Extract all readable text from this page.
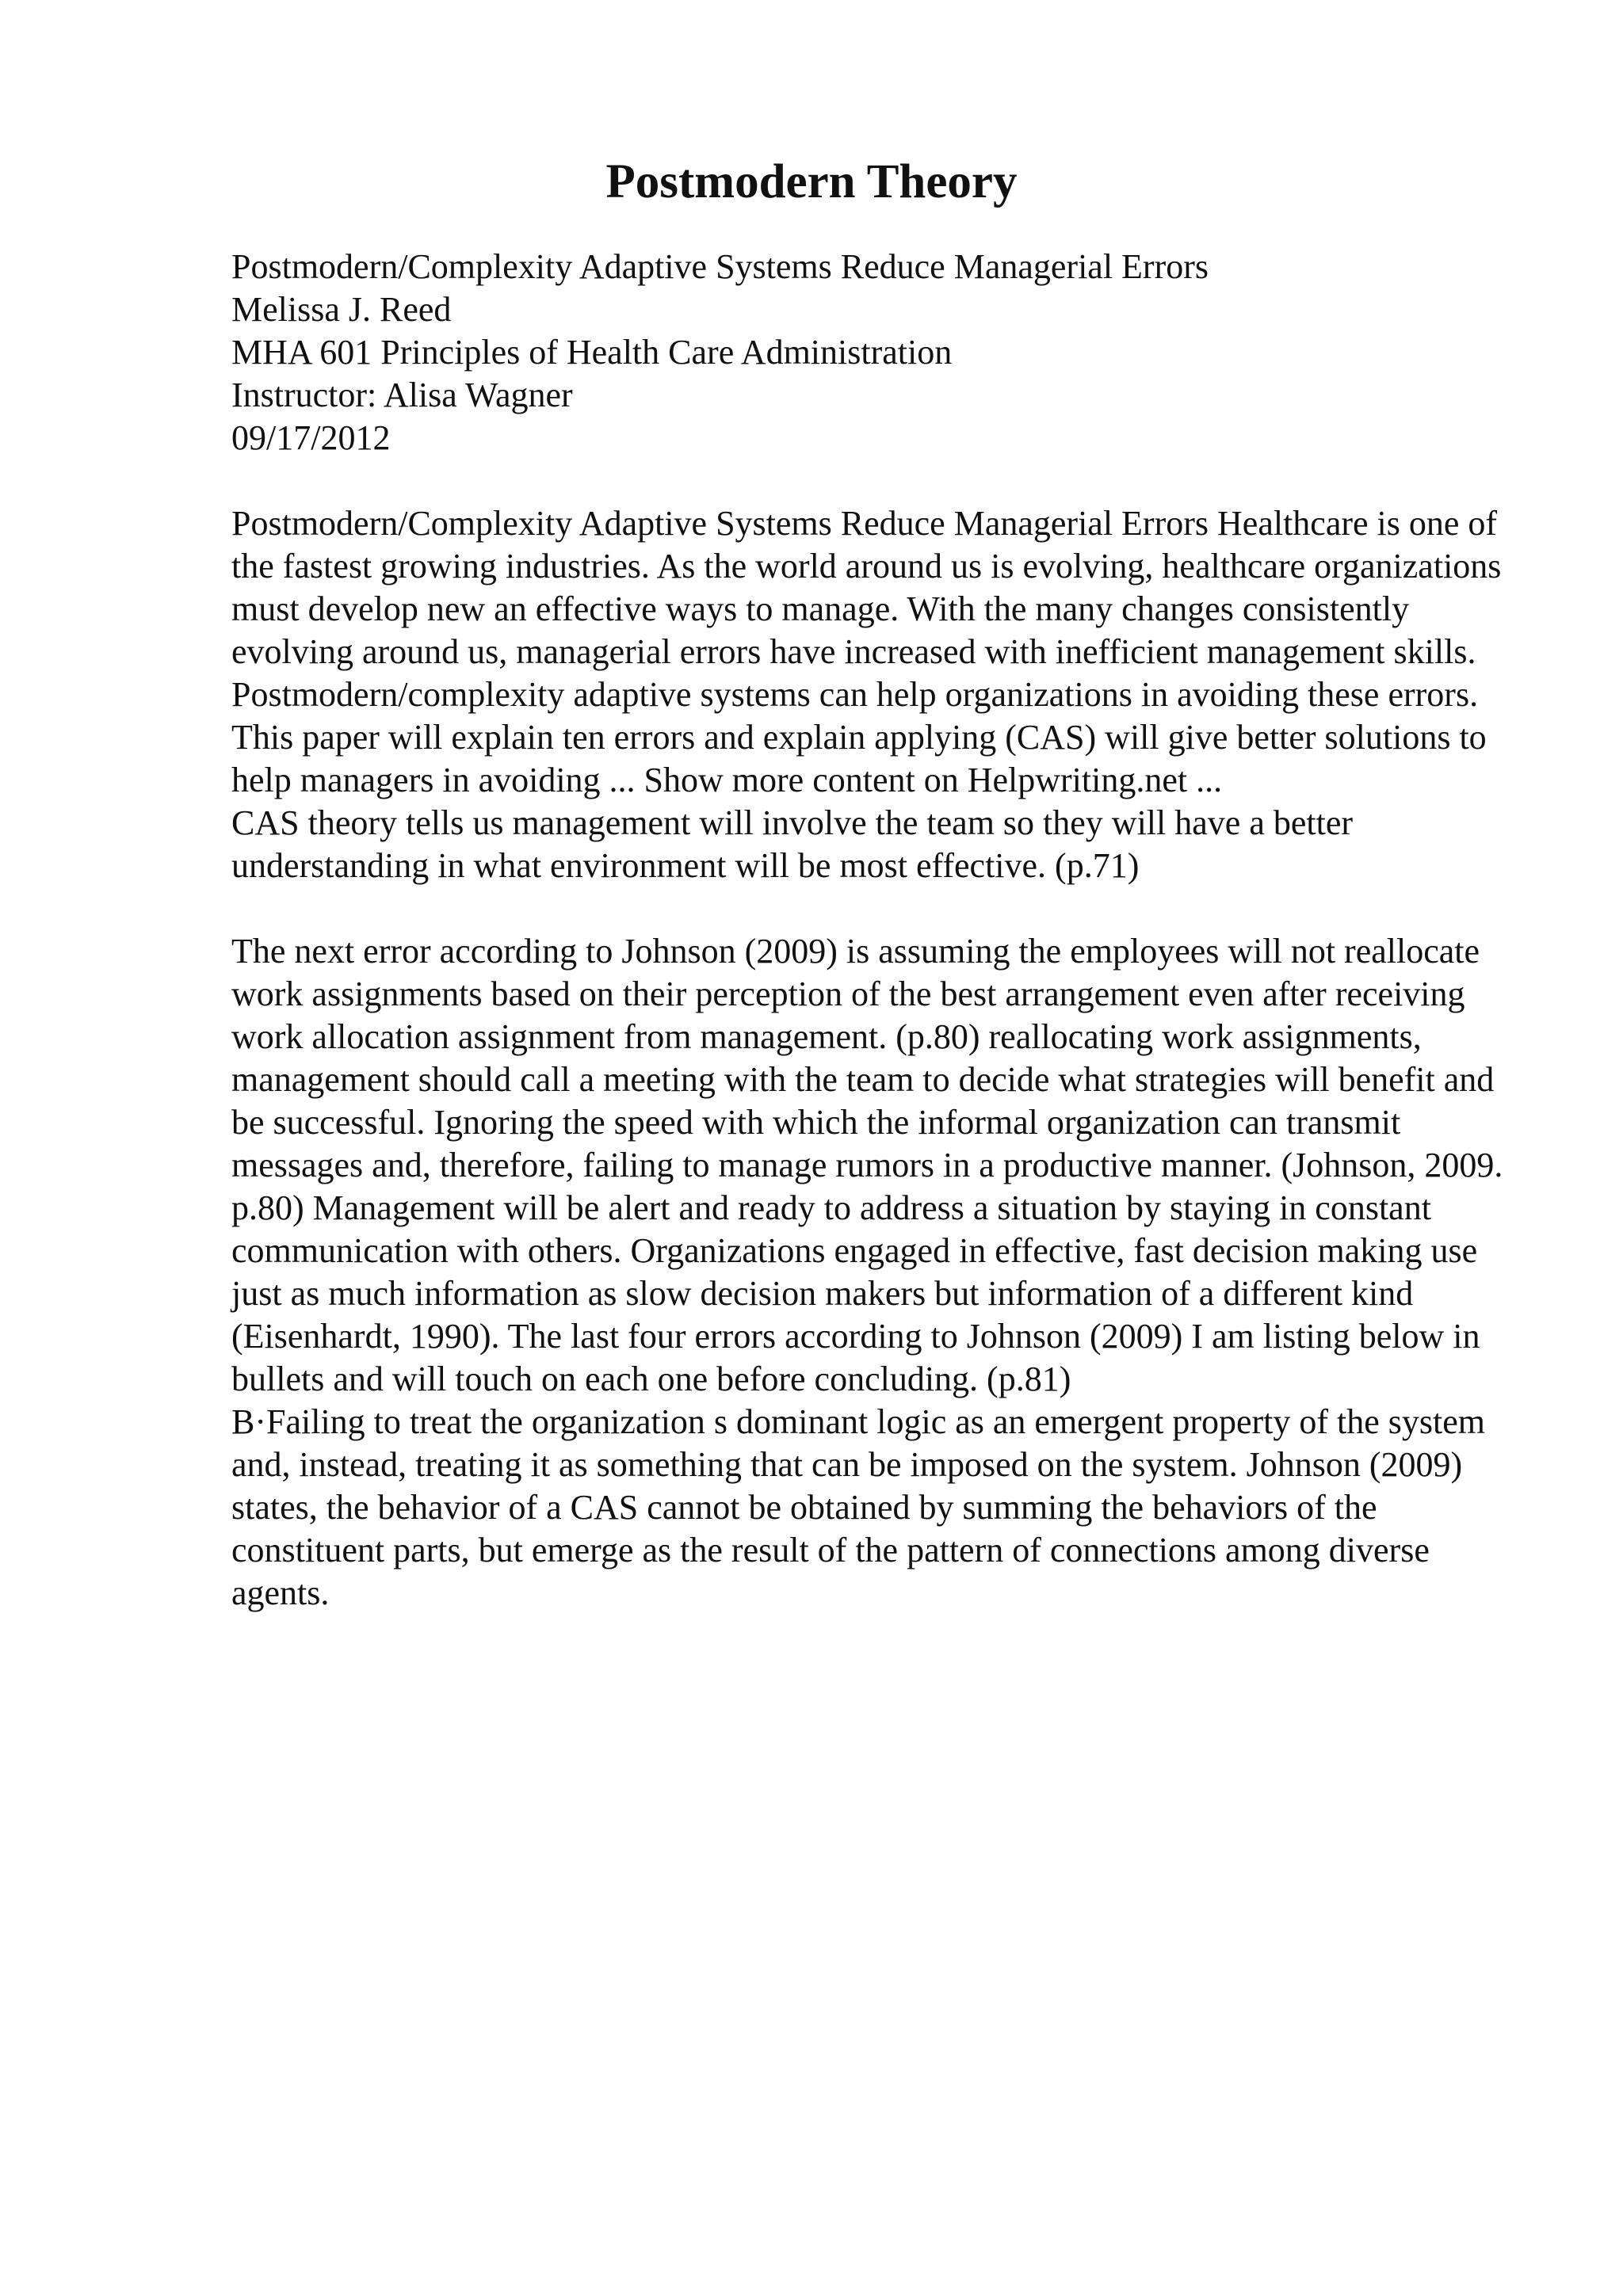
Postmodern Theory

Postmodern/Complexity Adaptive Systems Reduce Managerial Errors

Melissa J. Reed

MHA 601 Principles of Health Care Administration

Instructor: Alisa Wagner

09/17/2012

Postmodern/Complexity Adaptive Systems Reduce Managerial Errors Healthcare is one of the fastest growing industries. As the world around us is evolving, healthcare organizations must develop new an effective ways to manage. With the many changes consistently evolving around us, managerial errors have increased with inefficient management skills. Postmodern/complexity adaptive systems can help organizations in avoiding these errors. This paper will explain ten errors and explain applying (CAS) will give better solutions to help managers in avoiding ... Show more content on Helpwriting.net ...

CAS theory tells us management will involve the team so they will have a better understanding in what environment will be most effective. (p.71)

The next error according to Johnson (2009) is assuming the employees will not reallocate work assignments based on their perception of the best arrangement even after receiving work allocation assignment from management. (p.80) reallocating work assignments, management should call a meeting with the team to decide what strategies will benefit and be successful. Ignoring the speed with which the informal organization can transmit messages and, therefore, failing to manage rumors in a productive manner. (Johnson, 2009. p.80) Management will be alert and ready to address a situation by staying in constant communication with others. Organizations engaged in effective, fast decision making use just as much information as slow decision makers but information of a different kind (Eisenhardt, 1990). The last four errors according to Johnson (2009) I am listing below in bullets and will touch on each one before concluding. (p.81)

B·Failing to treat the organization s dominant logic as an emergent property of the system and, instead, treating it as something that can be imposed on the system. Johnson (2009) states, the behavior of a CAS cannot be obtained by summing the behaviors of the constituent parts, but emerge as the result of the pattern of connections among diverse agents.
